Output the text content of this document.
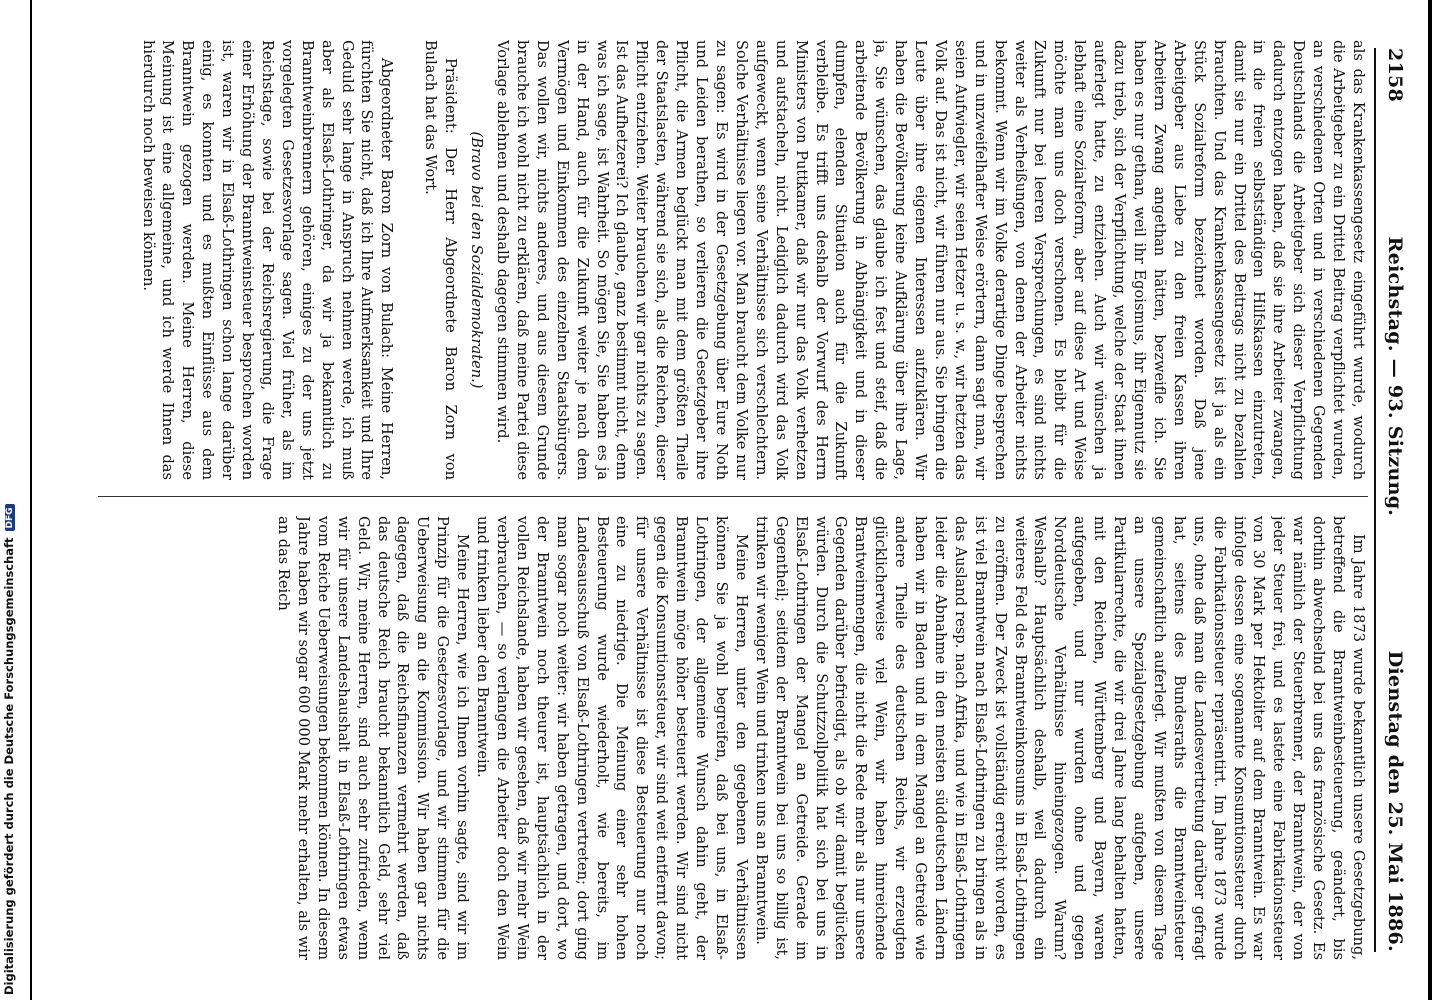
Digitalisierung gefördert durch die Deutsche ForschungsgemeinschaftDFG
2158
Reichstag. — 93. Sitzung.
Dienstag den 25. Mai 1886.

als das Krankenkassengesetz eingeführt wurde, wodurch die Arbeitgeber zu ein Drittel Beitrag verpflichtet wurden, an verschiedenen Orten und in verschiedenen Gegenden Deutschlands die Arbeitgeber sich dieser Verpflichtung dadurch entzogen haben, daß sie ihre Arbeiter zwangen, in die freien selbstständigen Hilfskassen einzutreten, damit sie nur ein Drittel des Beitrags nicht zu bezahlen brauchten. Und das Krankenkassengesetz ist ja als ein Stück Sozialreform bezeichnet worden. Daß jene Arbeitgeber aus Liebe zu den freien Kassen ihren Arbeitern Zwang angethan hätten, bezweifle ich. Sie haben es nur gethan, weil ihr Egoismus, ihr Eigennutz sie dazu trieb, sich der Verpflichtung, welche der Staat ihnen auferlegt hatte, zu entziehen. Auch wir wünschen ja lebhaft eine Sozialreform, aber auf diese Art und Weise möchte man uns doch verschonen. Es bleibt für die Zukunft nur bei leeren Versprechungen, es sind nichts weiter als Verheißungen, von denen der Arbeiter nichts bekommt. Wenn wir im Volke derartige Dinge besprechen und in unzweifelhafter Weise erörtern, dann sagt man, wir seien Aufwiegler, wir seien Hetzer u. s. w., wir hetzten das Volk auf. Das ist nicht, wir führen nur aus. Sie bringen die Leute über ihre eigenen Interessen aufzuklären. Wir haben die Bevölkerung keine Aufklärung über ihre Lage, ja, Sie wünschen, das glaube ich fest und steif, daß die arbeitende Bevölkerung in Abhängigkeit und in dieser dumpfen, elenden Situation auch für die Zukunft verbleibe. Es trifft uns deshalb der Vorwurf des Herrn Ministers von Puttkamer, daß wir nur das Volk verhetzen und aufstacheln, nicht. Lediglich dadurch wird das Volk aufgeweckt, wenn seine Verhältnisse sich verschlechtern. Solche Verhältnisse liegen vor. Man braucht dem Volke nur zu sagen: Es wird in der Gesetzgebung über Eure Noth und Leiden berathen, so verlieren die Gesetzgeber ihre Pflicht, die Armen beglückt man mit dem größten Theile der Staatslasten, während sie sich, als die Reichen, dieser Pflicht entziehen. Weiter brauchen wir gar nichts zu sagen. Ist das Aufhetzerei? Ich glaube, ganz bestimmt nicht, denn was ich sage, ist Wahrheit. So mögen Sie, Sie haben es ja in der Hand, auch für die Zukunft weiter je nach dem Vermögen und Einkommen des einzelnen Staatsbürgers. Das wollen wir, nichts anderes, und aus diesem Grunde brauche ich wohl nicht zu erklären, daß meine Partei diese Vorlage ablehnen und deshalb dagegen stimmen wird.

(Bravo bei den Sozialdemokraten.)

Präsident: Der Herr Abgeordnete Baron Zorn von Bulach hat das Wort.

Abgeordneter Baron Zorn von Bulach: Meine Herren, fürchten Sie nicht, daß ich Ihre Aufmerksamkeit und Ihre Geduld sehr lange in Anspruch nehmen werde, ich muß aber als Elsaß-Lothringer, da wir ja bekanntlich zu Branntweinbrennern gehören, einiges zu der uns jetzt vorgelegten Gesetzesvorlage sagen. Viel früher, als im Reichstage, sowie bei der Reichsregierung, die Frage einer Erhöhung der Branntweinsteuer besprochen worden ist, waren wir in Elsaß-Lothringen schon lange darüber einig, es konnten und es mußten Einflüsse aus dem Branntwein gezogen werden. Meine Herren, diese Meinung ist eine allgemeine, und ich werde Ihnen das hierdurch noch beweisen können.

Im Jahre 1873 wurde bekanntlich unsere Gesetzgebung, betreffend die Branntweinbesteuerung, geändert, bis dorthin abwechselnd bei uns das französische Gesetz. Es war nämlich der Steuerbrenner, der Branntwein, der von jeder Steuer frei, und es lastete eine Fabrikationssteuer von 30 Mark per Hektoliter auf dem Branntwein. Es war infolge dessen eine sogenannte Konsumtionssteuer durch die Fabrikationssteuer repräsentirt. Im Jahre 1873 wurde uns, ohne daß man die Landesvertretung darüber gefragt hat, seitens des Bundesraths die Branntweinsteuer gemeinschaftlich auferlegt. Wir mußten von diesem Tage an unsere Spezialgesetzgebung aufgeben, unsere Partikularrechte, die wir drei Jahre lang behalten hatten, mit den Reichen, Württemberg und Bayern, waren aufgegeben, und nur wurden ohne und gegen Norddeutsche Verhältnisse hineingezogen. Warum? Weshalb? Hauptsächlich deshalb, weil dadurch ein weiteres Feld des Branntweinkonsums in Elsaß-Lothringen zu eröffnen. Der Zweck ist vollständig erreicht worden, es ist viel Branntwein nach Elsaß-Lothringen zu bringen als in das Ausland resp. nach Afrika, und wie in Elsaß-Lothringen leider die Abnahme in den meisten süddeutschen Ländern haben wir in Baden und in dem Mangel an Getreide wie andere Theile des deutschen Reichs, wir erzeugten glücklicherweise viel Wein, wir haben hinreichende Brantweinmengen, die nicht die Rede mehr als nur unsere Gegenden darüber befriedigt, als ob wir damit beglücken würden. Durch die Schutzzollpolitik hat sich bei uns in Elsaß-Lothringen der Mangel an Getreide. Gerade im Gegentheil; seitdem der Branntwein bei uns so billig ist, trinken wir weniger Wein und trinken uns an Branntwein.

Meine Herren, unter den gegebenen Verhältnissen können Sie ja wohl begreifen, daß bei uns, in Elsaß-Lothringen, der allgemeine Wunsch dahin geht, der Branntwein möge höher besteuert werden. Wir sind nicht gegen die Konsumtionssteuer, wir sind weit entfernt davon; für unsere Verhältnisse ist diese Besteuerung nur noch eine zu niedrige. Die Meinung einer sehr hohen Besteuerung wurde wiederholt, wie bereits, im Landesausschuß von Elsaß-Lothringen vertreten; dort ging man sogar noch weiter: wir haben getragen, und dort, wo der Branntwein noch theurer ist, hauptsächlich in der vollen Reichslande, haben wir gesehen, daß wir mehr Wein verbrauchen, — so verlangen die Arbeiter doch den Wein und trinken lieber den Branntwein.

Meine Herren, wie ich Ihnen vorhin sagte, sind wir im Prinzip für die Gesetzesvorlage, und wir stimmen für die Ueberweisung an die Kommission. Wir haben gar nichts dagegen, daß die Reichsfinanzen vermehrt werden, daß das deutsche Reich braucht bekanntlich Geld, sehr viel Geld. Wir, meine Herren, sind auch sehr zufrieden, wenn wir für unsere Landeshaushalt in Elsaß-Lothringen etwas vom Reiche Ueberweisungen bekommen können. In diesem Jahre haben wir sogar 600 000 Mark mehr erhalten, als wir an das Reich
